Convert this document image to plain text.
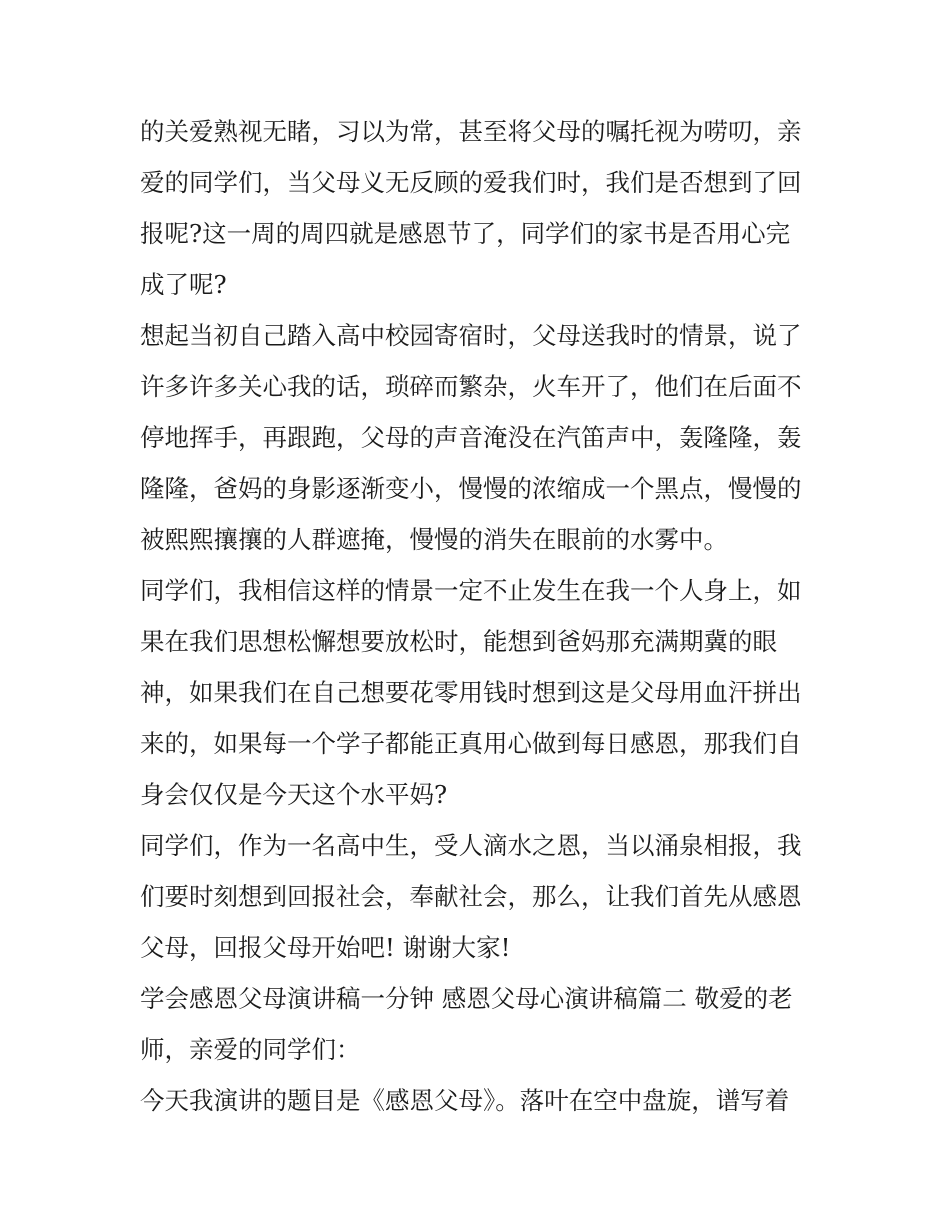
的关爱熟视无睹，习以为常，甚至将父母的嘱托视为唠叨，亲
爱的同学们，当父母义无反顾的爱我们时，我们是否想到了回
报呢?这一周的周四就是感恩节了，同学们的家书是否用心完
成了呢?
想起当初自己踏入高中校园寄宿时，父母送我时的情景，说了
许多许多关心我的话，琐碎而繁杂，火车开了，他们在后面不
停地挥手，再跟跑，父母的声音淹没在汽笛声中，轰隆隆，轰
隆隆，爸妈的身影逐渐变小，慢慢的浓缩成一个黑点，慢慢的
被熙熙攘攘的人群遮掩，慢慢的消失在眼前的水雾中。
同学们，我相信这样的情景一定不止发生在我一个人身上，如
果在我们思想松懈想要放松时，能想到爸妈那充满期冀的眼
神，如果我们在自己想要花零用钱时想到这是父母用血汗拼出
来的，如果每一个学子都能正真用心做到每日感恩，那我们自
身会仅仅是今天这个水平妈?
同学们，作为一名高中生，受人滴水之恩，当以涌泉相报，我
们要时刻想到回报社会，奉献社会，那么，让我们首先从感恩
父母，回报父母开始吧! 谢谢大家!
学会感恩父母演讲稿一分钟 感恩父母心演讲稿篇二 敬爱的老
师，亲爱的同学们：
今天我演讲的题目是《感恩父母》。落叶在空中盘旋，谱写着
